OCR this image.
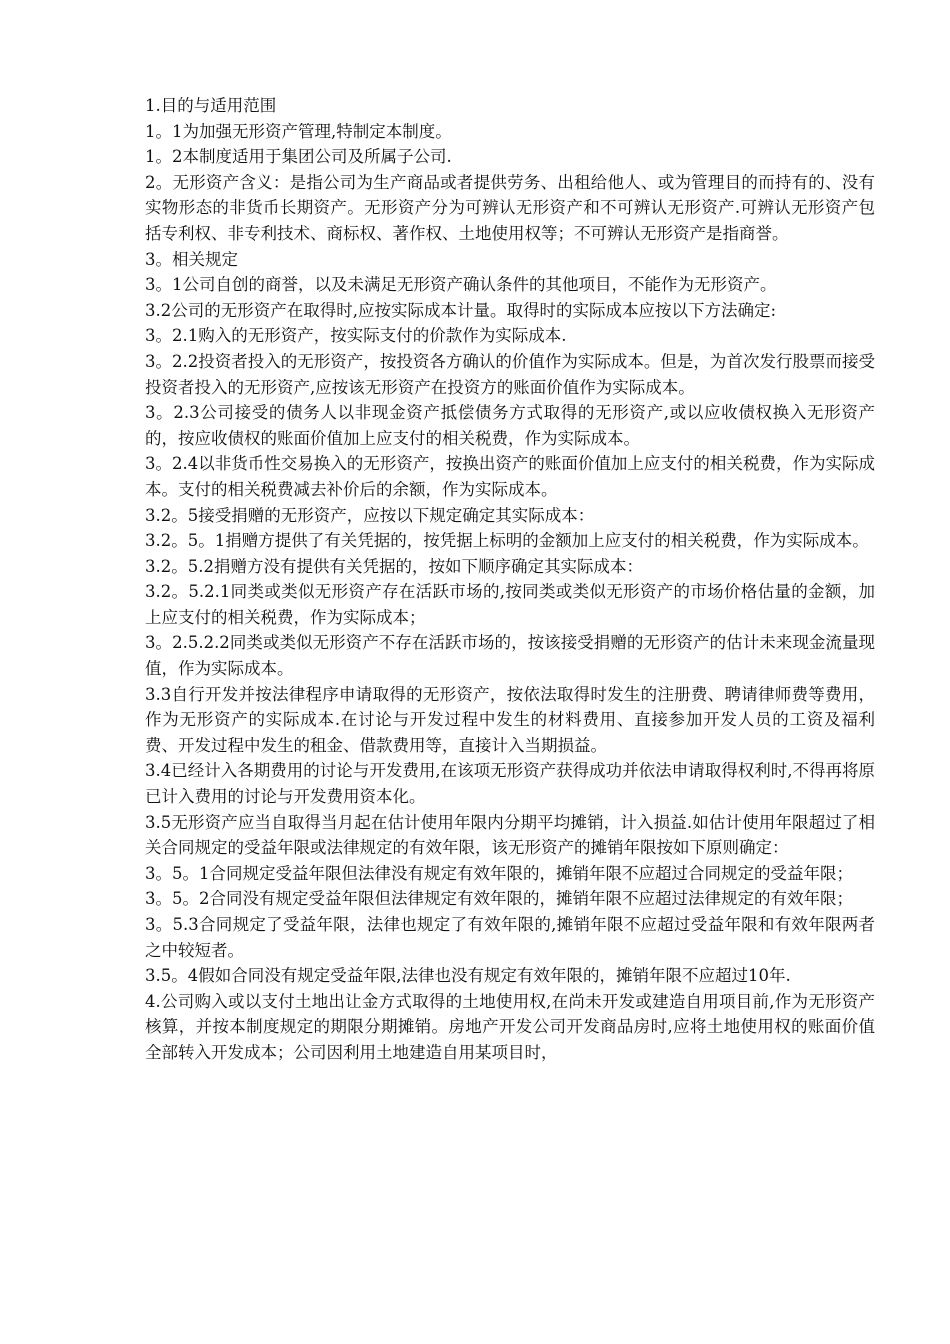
1.目的与适用范围

1。1为加强无形资产管理,特制定本制度。

1。2本制度适用于集团公司及所属子公司.

2。无形资产含义：是指公司为生产商品或者提供劳务、出租给他人、或为管理目的而持有的、没有实物形态的非货币长期资产。无形资产分为可辨认无形资产和不可辨认无形资产.可辨认无形资产包括专利权、非专利技术、商标权、著作权、土地使用权等；不可辨认无形资产是指商誉。

3。相关规定

3。1公司自创的商誉，以及未满足无形资产确认条件的其他项目，不能作为无形资产。

3.2公司的无形资产在取得时,应按实际成本计量。取得时的实际成本应按以下方法确定:

3。2.1购入的无形资产，按实际支付的价款作为实际成本.

3。2.2投资者投入的无形资产，按投资各方确认的价值作为实际成本。但是，为首次发行股票而接受投资者投入的无形资产,应按该无形资产在投资方的账面价值作为实际成本。

3。2.3公司接受的债务人以非现金资产抵偿债务方式取得的无形资产,或以应收债权换入无形资产的，按应收债权的账面价值加上应支付的相关税费，作为实际成本。

3。2.4以非货币性交易换入的无形资产，按换出资产的账面价值加上应支付的相关税费，作为实际成本。支付的相关税费减去补价后的余额，作为实际成本。

3.2。5接受捐赠的无形资产，应按以下规定确定其实际成本：

3.2。5。1捐赠方提供了有关凭据的，按凭据上标明的金额加上应支付的相关税费，作为实际成本。

3.2。5.2捐赠方没有提供有关凭据的，按如下顺序确定其实际成本：

3.2。5.2.1同类或类似无形资产存在活跃市场的,按同类或类似无形资产的市场价格估量的金额，加上应支付的相关税费，作为实际成本；

3。2.5.2.2同类或类似无形资产不存在活跃市场的，按该接受捐赠的无形资产的估计未来现金流量现值，作为实际成本。

3.3自行开发并按法律程序申请取得的无形资产，按依法取得时发生的注册费、聘请律师费等费用，作为无形资产的实际成本.在讨论与开发过程中发生的材料费用、直接参加开发人员的工资及福利费、开发过程中发生的租金、借款费用等，直接计入当期损益。

3.4已经计入各期费用的讨论与开发费用,在该项无形资产获得成功并依法申请取得权利时,不得再将原已计入费用的讨论与开发费用资本化。

3.5无形资产应当自取得当月起在估计使用年限内分期平均摊销，计入损益.如估计使用年限超过了相关合同规定的受益年限或法律规定的有效年限，该无形资产的摊销年限按如下原则确定：

3。5。1合同规定受益年限但法律没有规定有效年限的，摊销年限不应超过合同规定的受益年限；

3。5。2合同没有规定受益年限但法律规定有效年限的，摊销年限不应超过法律规定的有效年限；

3。5.3合同规定了受益年限，法律也规定了有效年限的,摊销年限不应超过受益年限和有效年限两者之中较短者。

3.5。4假如合同没有规定受益年限,法律也没有规定有效年限的，摊销年限不应超过10年.

4.公司购入或以支付土地出让金方式取得的土地使用权,在尚未开发或建造自用项目前,作为无形资产核算，并按本制度规定的期限分期摊销。房地产开发公司开发商品房时,应将土地使用权的账面价值全部转入开发成本；公司因利用土地建造自用某项目时，
